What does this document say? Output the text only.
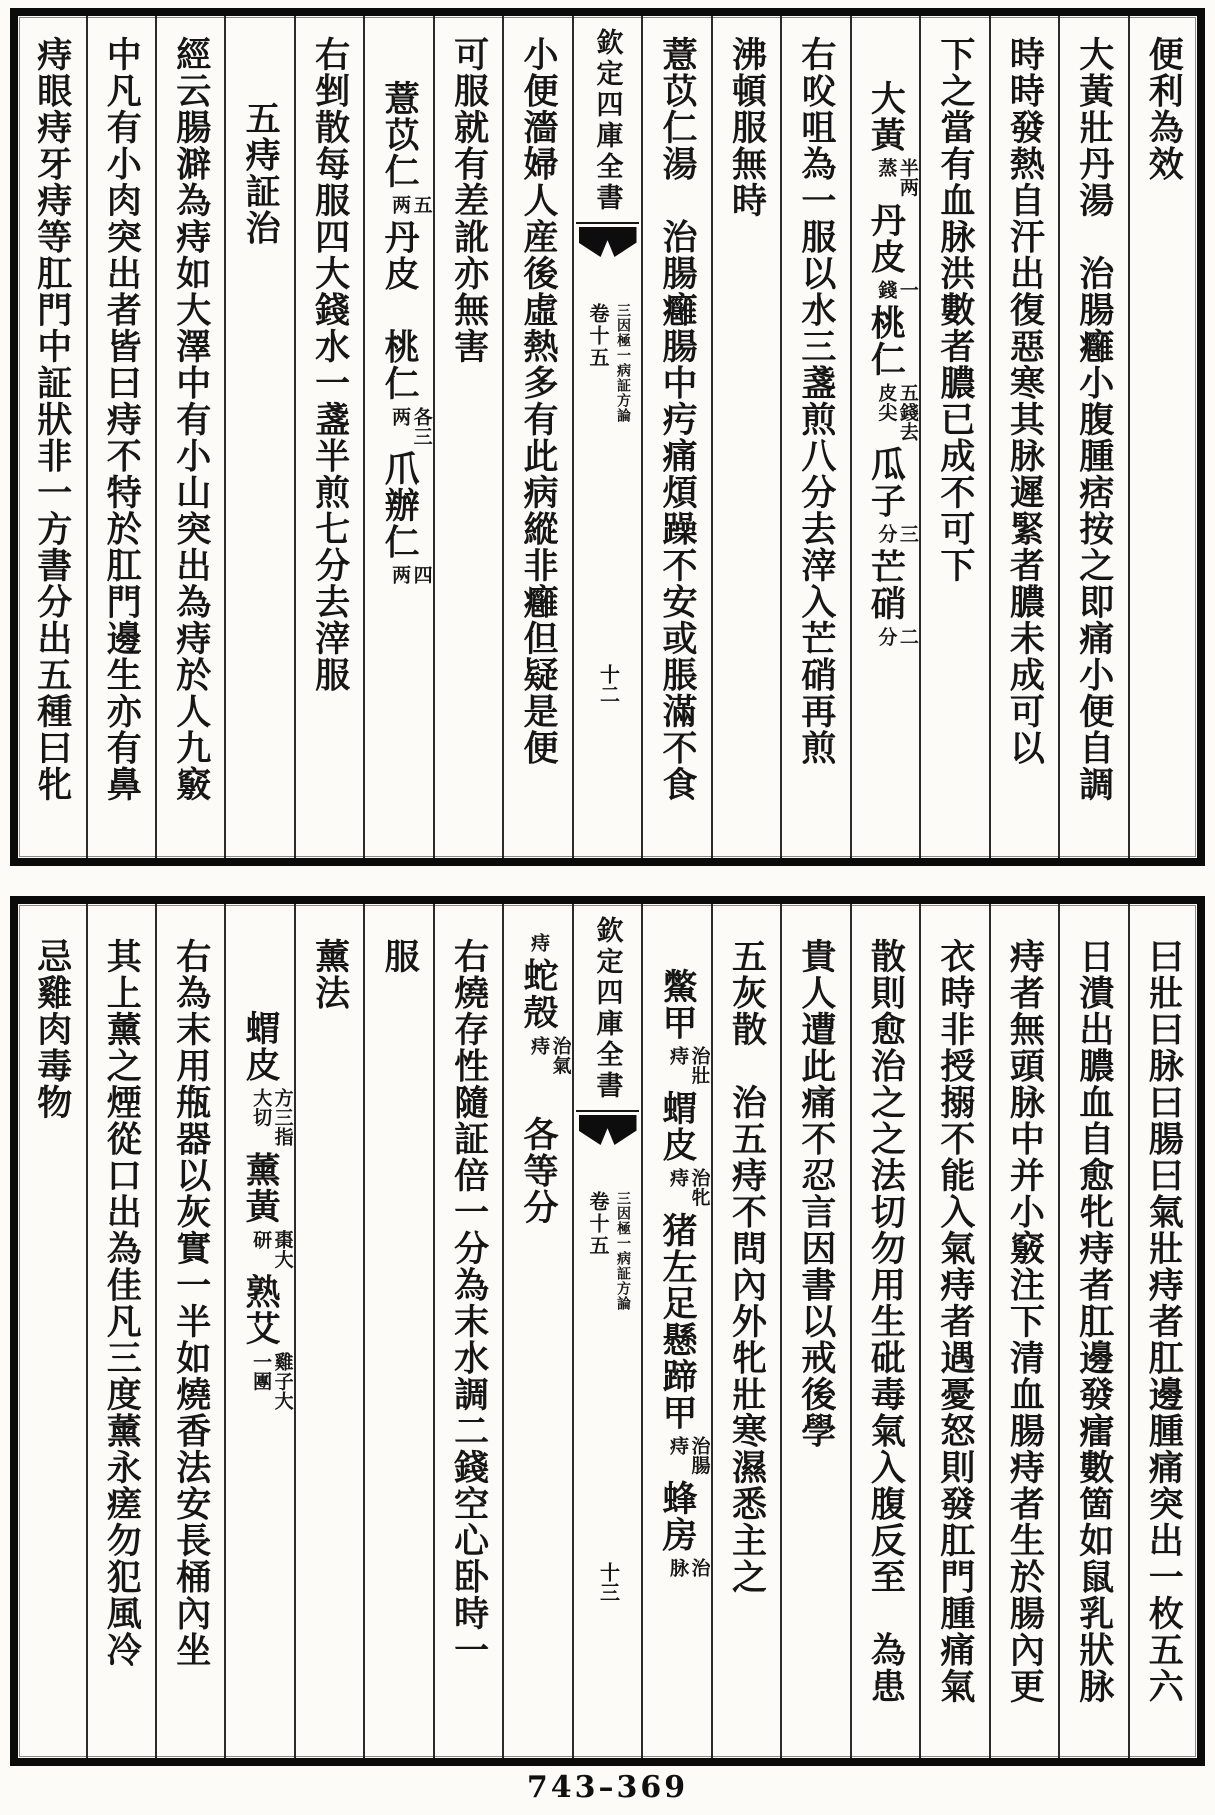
便利為效
大黃壯丹湯　治腸癰小腹腫痞按之即痛小便自調
時時發熱自汗出復惡寒其脉遲緊者膿未成可以
下之當有血脉洪數者膿已成不可下
大黃半两
蒸丹皮一
錢桃仁五錢去
皮尖瓜子三
分芒硝二
分
右㕮咀為一服以水三盞煎八分去滓入芒硝再煎
沸頓服無時
薏苡仁湯　治腸癰腸中㽲痛煩躁不安或脹滿不食
欽定四庫全書
卷十五 三因極一病証方論
十二
小便濇婦人産後虛熱多有此病縱非癰但疑是便
可服就有差訛亦無害
薏苡仁五
两丹皮　桃仁各三
两爪辦仁四
两
右剉散每服四大錢水一盞半煎七分去滓服
五痔証治
經云腸澼為痔如大澤中有小山突出為痔於人九竅
中凡有小肉突出者皆曰痔不特於肛門邊生亦有鼻
痔眼痔牙痔等肛門中証狀非一方書分出五種曰牝
曰壯曰脉曰腸曰氣壯痔者肛邊腫痛突出一枚五六
日潰出膿血自愈牝痔者肛邊發癗數箇如鼠乳狀脉
痔者無頭脉中并小竅注下清血腸痔者生於腸內更
衣時非授搦不能入氣痔者遇憂怒則發肛門腫痛氣
散則愈治之之法切勿用生砒毒氣入腹反至　為患
貴人遭此痛不忍言因書以戒後學
五灰散　治五痔不問內外牝壯寒濕悉主之
鱉甲治壯
痔蝟皮治牝
痔猪左足懸蹄甲治腸
痔蜂房治
脉
欽定四庫全書
卷十五 三因極一病証方論
十三
痔蛇殻治氣
痔　各等分
右燒存性隨証倍一分為末水調二錢空心卧時一
服
薰法
蝟皮方三指
大切薰黃棗大
研熟艾雞子大
一團
右為末用甁器以灰實一半如燒香法安長桶內坐
其上薰之煙從口出為佳凡三度薰永瘥勿犯風冷
忌雞肉毒物
743–369
